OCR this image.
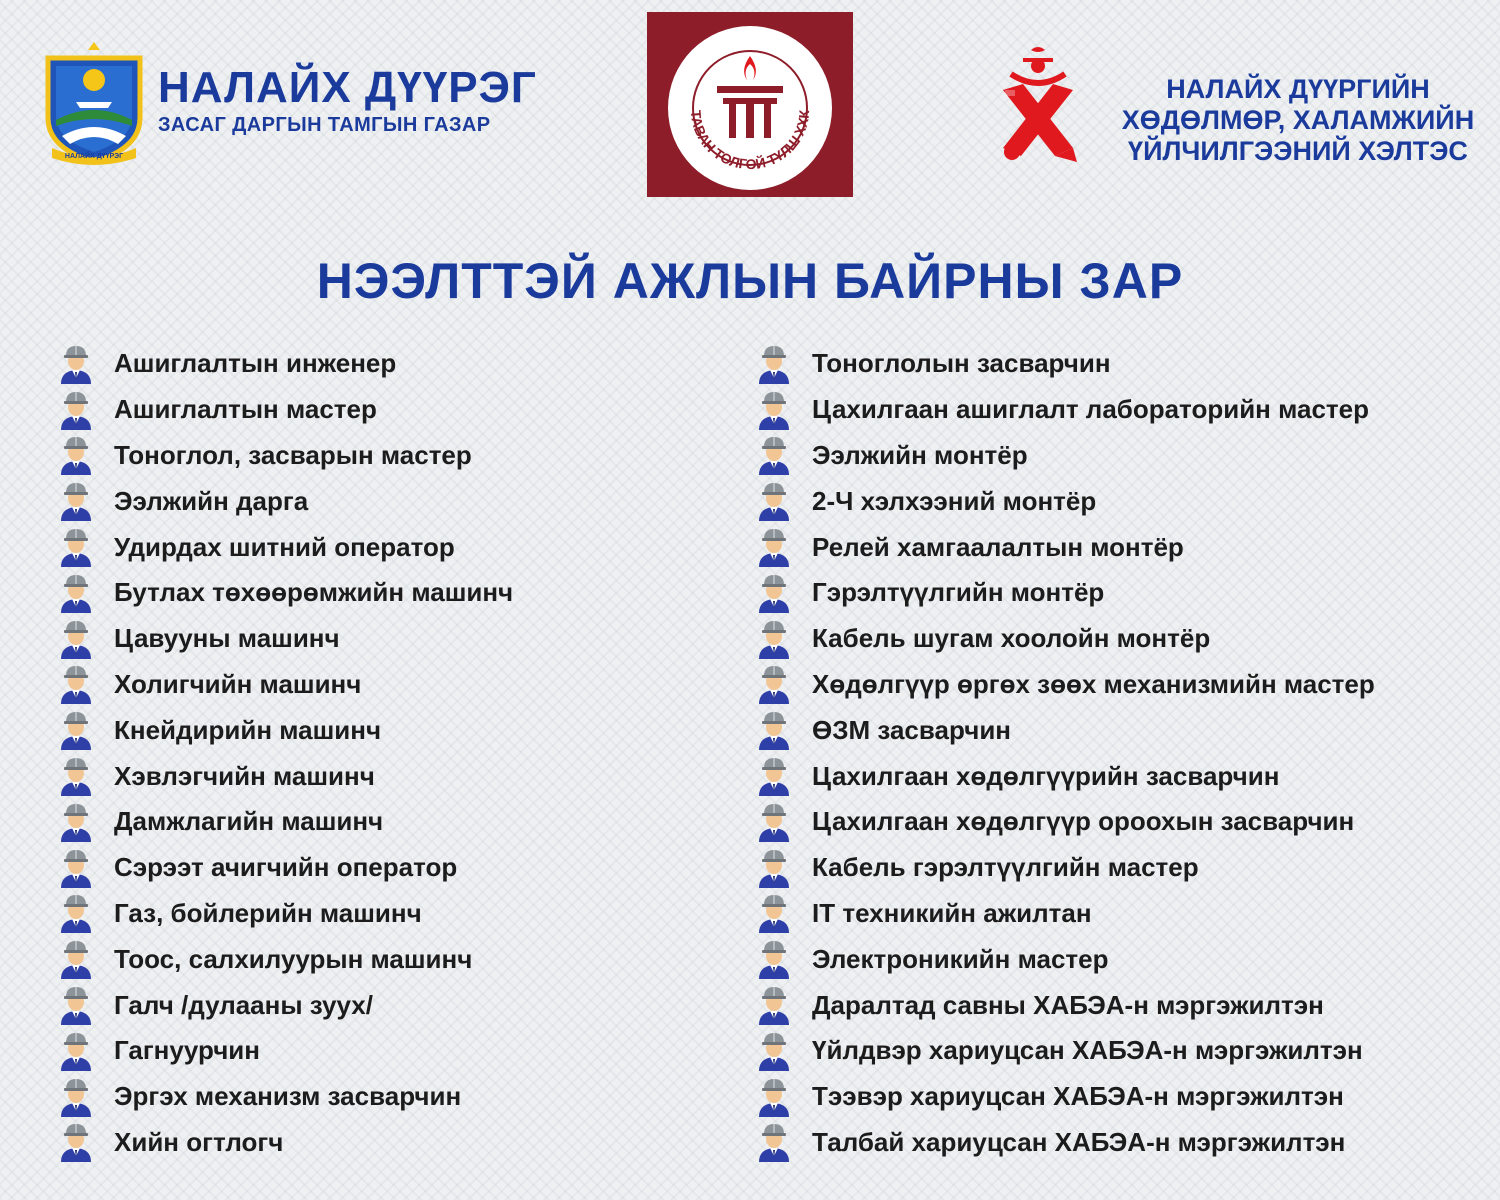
НАЛАЙХ ДҮҮРЭГ
НАЛАЙХ ДҮҮРЭГ
ЗАСАГ ДАРГЫН ТАМГЫН ГАЗАР
ТАВАН ТОЛГОЙ ТҮЛШ ХХК
НАЛАЙХ ДҮҮРГИЙН
ХӨДӨЛМӨР, ХАЛАМЖИЙН
ҮЙЛЧИЛГЭЭНИЙ ХЭЛТЭС
НЭЭЛТТЭЙ АЖЛЫН БАЙРНЫ ЗАР
Ашиглалтын инженер
Ашиглалтын мастер
Тоноглол, засварын мастер
Ээлжийн дарга
Удирдах шитний оператор
Бутлах төхөөрөмжийн машинч
Цавууны машинч
Холигчийн машинч
Кнейдирийн машинч
Хэвлэгчийн машинч
Дамжлагийн машинч
Сэрээт ачигчийн оператор
Газ, бойлерийн машинч
Тоос, салхилуурын машинч
Галч /дулааны зуух/
Гагнуурчин
Эргэх механизм засварчин
Хийн огтлогч
Тоноглолын засварчин
Цахилгаан ашиглалт лабораторийн мастер
Ээлжийн монтёр
2-Ч хэлхээний монтёр
Релей хамгаалалтын монтёр
Гэрэлтүүлгийн монтёр
Кабель шугам хоолойн монтёр
Хөдөлгүүр өргөх зөөх механизмийн мастер
ӨЗМ засварчин
Цахилгаан хөдөлгүүрийн засварчин
Цахилгаан хөдөлгүүр ороохын засварчин
Кабель гэрэлтүүлгийн мастер
IT техникийн ажилтан
Электроникийн мастер
Даралтад савны ХАБЭА-н мэргэжилтэн
Үйлдвэр хариуцсан ХАБЭА-н мэргэжилтэн
Тээвэр хариуцсан ХАБЭА-н мэргэжилтэн
Талбай хариуцсан ХАБЭА-н мэргэжилтэн
